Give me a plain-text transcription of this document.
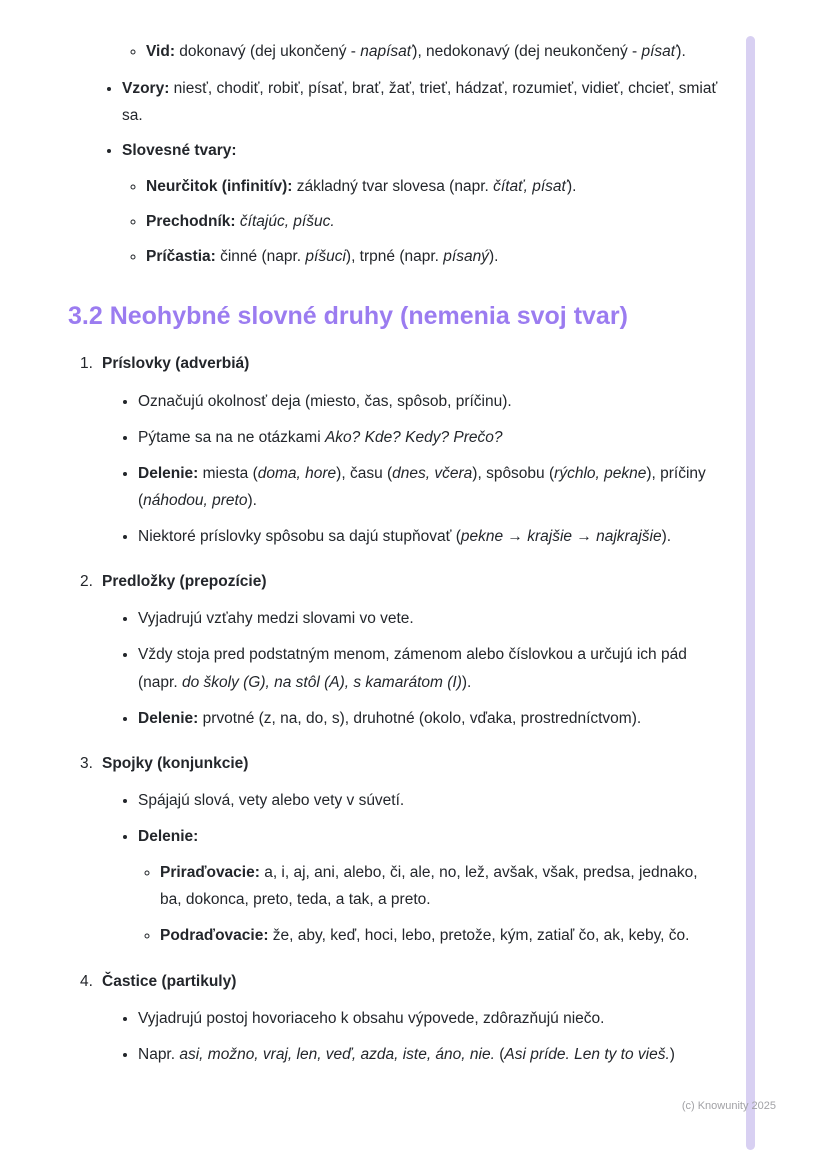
◦ Vid: dokonavý (dej ukončený - napísať), nedokonavý (dej neukončený - písať).
• Vzory: niesť, chodiť, robiť, písať, brať, žať, trieť, hádzať, rozumieť, vidieť, chcieť, smiať sa.
• Slovesné tvary:
◦ Neurčitok (infinitív): základný tvar slovesa (napr. čítať, písať).
◦ Prechodník: čítajúc, píšuc.
◦ Príčastia: činné (napr. píšuci), trpné (napr. písaný).
3.2 Neohybné slovné druhy (nemenia svoj tvar)
1. Príslovky (adverbiá)
• Označujú okolnosť deja (miesto, čas, spôsob, príčinu).
• Pýtame sa na ne otázkami Ako? Kde? Kedy? Prečo?
• Delenie: miesta (doma, hore), času (dnes, včera), spôsobu (rýchlo, pekne), príčiny (náhodou, preto).
• Niektoré príslovky spôsobu sa dajú stupňovať (pekne → krajšie → najkrajšie).
2. Predložky (prepozície)
• Vyjadrujú vzťahy medzi slovami vo vete.
• Vždy stoja pred podstatným menom, zámenom alebo číslovkou a určujú ich pád (napr. do školy (G), na stôl (A), s kamarátom (I)).
• Delenie: prvotné (z, na, do, s), druhotné (okolo, vďaka, prostredníctvom).
3. Spojky (konjunkcie)
• Spájajú slová, vety alebo vety v súvetí.
• Delenie:
◦ Priraďovacie: a, i, aj, ani, alebo, či, ale, no, lež, avšak, však, predsa, jednako, ba, dokonca, preto, teda, a tak, a preto.
◦ Podraďovacie: že, aby, keď, hoci, lebo, pretože, kým, zatiaľ čo, ak, keby, čo.
4. Častice (partikuly)
• Vyjadrujú postoj hovoriaceho k obsahu výpovede, zdôrazňujú niečo.
• Napr. asi, možno, vraj, len, veď, azda, iste, áno, nie. (Asi príde. Len ty to vieš.)
(c) Knowunity 2025
